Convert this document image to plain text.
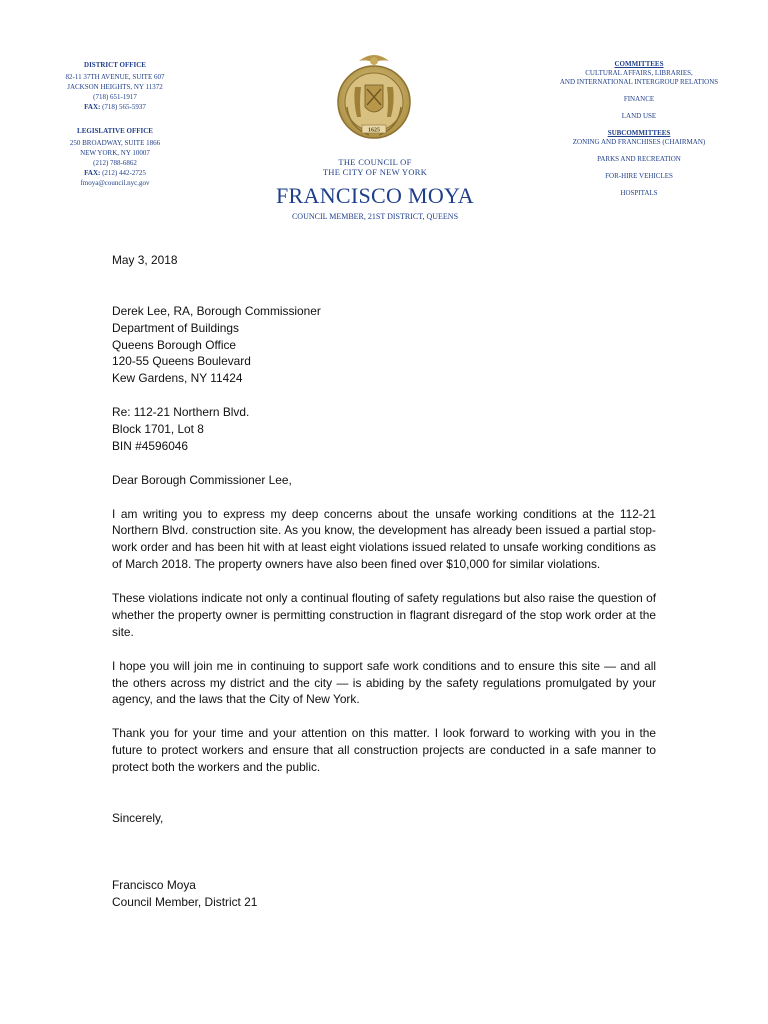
DISTRICT OFFICE
82-11 37TH AVENUE, SUITE 607
JACKSON HEIGHTS, NY 11372
(718) 651-1917
FAX: (718) 565-5937
LEGISLATIVE OFFICE
250 BROADWAY, SUITE 1866
NEW YORK, NY 10007
(212) 788-6862
FAX: (212) 442-2725
fmoya@council.nyc.gov
1625
THE COUNCIL OF
THE CITY OF NEW YORK
FRANCISCO MOYA
COUNCIL MEMBER, 21ST DISTRICT, QUEENS
COMMITTEES
CULTURAL AFFAIRS, LIBRARIES,
AND INTERNATIONAL INTERGROUP RELATIONS
FINANCE
LAND USE
SUBCOMMITTEES
ZONING AND FRANCHISES (CHAIRMAN)
PARKS AND RECREATION
FOR-HIRE VEHICLES
HOSPITALS

May 3, 2018

Derek Lee, RA, Borough Commissioner

Department of Buildings

Queens Borough Office

120-55 Queens Boulevard

Kew Gardens, NY 11424

Re: 112-21 Northern Blvd.

Block 1701, Lot 8

BIN #4596046

Dear Borough Commissioner Lee,

I am writing you to express my deep concerns about the unsafe working conditions at the 112-21 Northern Blvd. construction site. As you know, the development has already been issued a partial stop-work order and has been hit with at least eight violations issued related to unsafe working conditions as of March 2018. The property owners have also been fined over $10,000 for similar violations.

These violations indicate not only a continual flouting of safety regulations but also raise the question of whether the property owner is permitting construction in flagrant disregard of the stop work order at the site.

I hope you will join me in continuing to support safe work conditions and to ensure this site — and all the others across my district and the city — is abiding by the safety regulations promulgated by your agency, and the laws that the City of New York.

Thank you for your time and your attention on this matter. I look forward to working with you in the future to protect workers and ensure that all construction projects are conducted in a safe manner to protect both the workers and the public.

Sincerely,

Francisco Moya

Council Member, District 21
